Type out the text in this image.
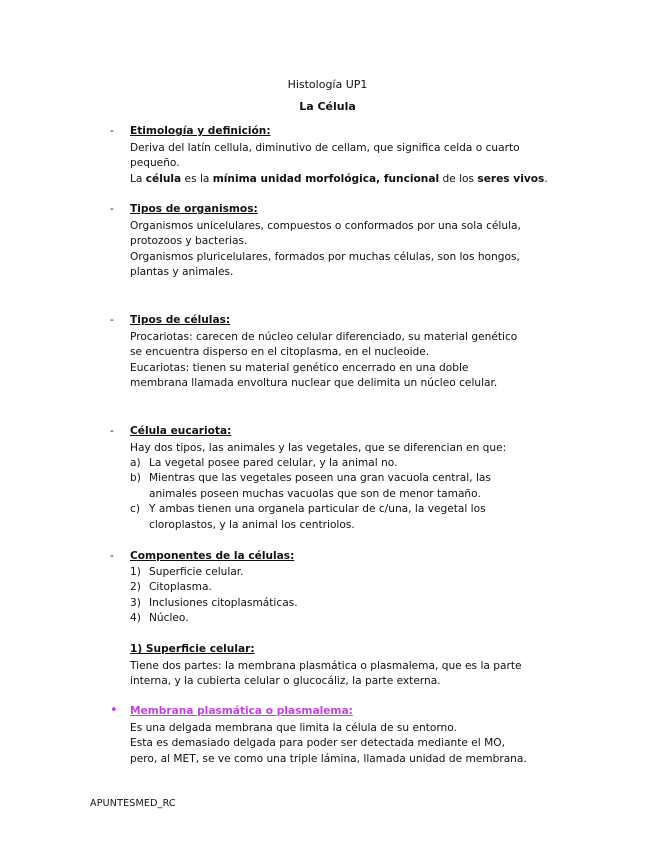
Histología UP1
La Célula
- Etimología y definición:
Deriva del latín cellula, diminutivo de cellam, que significa celda o cuarto
pequeño.
La célula es la mínima unidad morfológica, funcional de los seres vivos.
- Tipos de organismos:
Organismos unicelulares, compuestos o conformados por una sola célula,
protozoos y bacterias.
Organismos pluricelulares, formados por muchas células, son los hongos,
plantas y animales.
- Tipos de células:
Procariotas: carecen de núcleo celular diferenciado, su material genético
se encuentra disperso en el citoplasma, en el nucleoide.
Eucariotas: tienen su material genético encerrado en una doble
membrana llamada envoltura nuclear que delimita un núcleo celular.
- Célula eucariota:
Hay dos tipos, las animales y las vegetales, que se diferencian en que:
a) La vegetal posee pared celular, y la animal no.
b) Mientras que las vegetales poseen una gran vacuola central, las
animales poseen muchas vacuolas que son de menor tamaño.
c) Y ambas tienen una organela particular de c/una, la vegetal los
cloroplastos, y la animal los centriolos.
- Componentes de la células:
1) Superficie celular.
2) Citoplasma.
3) Inclusiones citoplasmáticas.
4) Núcleo.
1) Superficie celular:
Tiene dos partes: la membrana plasmática o plasmalema, que es la parte
interna, y la cubierta celular o glucocáliz, la parte externa.
• Membrana plasmática o plasmalema:
Es una delgada membrana que limita la célula de su entorno.
Esta es demasiado delgada para poder ser detectada mediante el MO,
pero, al MET, se ve como una triple lámina, llamada unidad de membrana.
APUNTESMED_RC
